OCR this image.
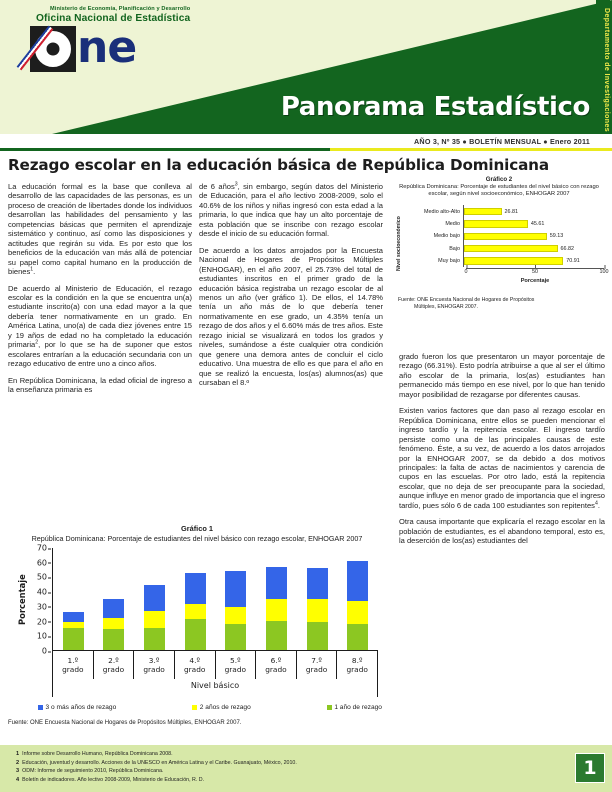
Ministerio de Economía, Planificación y Desarrollo
Oficina Nacional de Estadística
ne
Panorama Estadístico	Departamento de Investigaciones
AÑO 3, Nº 35 ● BOLETÍN MENSUAL ● Enero 2011
Rezago escolar en la educación básica de República Dominicana

La educación formal es la base que conlleva al desarrollo de las capacidades de las personas, es un proceso de creación de libertades donde los individuos desarrollan las habilidades del pensamiento y las competencias básicas que permiten el aprendizaje sistemático y continuo, así como las disposiciones y actitudes que regirán su vida. Es por esto que los beneficios de la educación van más allá de potenciar su papel como capital humano en la producción de bienes$^1$.

De acuerdo al Ministerio de Educación, el rezago escolar es la condición en la que se encuentra un(a) estudiante inscrito(a) con una edad mayor a la que debería tener normativamente en un grado. En América Latina, uno(a) de cada diez jóvenes entre 15 y 19 años de edad no ha completado la educación primaria$^2$, por lo que se ha de suponer que estos escolares entrarían a la educación secundaria con un rezago educativo de entre uno a cinco años.

En República Dominicana, la edad oficial de ingreso a la enseñanza primaria es

de 6 años$^3$, sin embargo, según datos del Ministerio de Educación, para el año lectivo 2008-2009, solo el 40.6% de los niños y niñas ingresó con esta edad a la primaria, lo que indica que hay un alto porcentaje de esta población que se inscribe con rezago escolar desde el inicio de su educación formal.

De acuerdo a los datos arrojados por la Encuesta Nacional de Hogares de Propósitos Múltiples (ENHOGAR), en el año 2007, el 25.73% del total de estudiantes inscritos en el primer grado de la educación básica registraba un rezago escolar de al menos un año (ver gráfico 1). De ellos, el 14.78% tenía un año más de lo que debería tener normativamente en ese grado, un 4.35% tenía un rezago de dos años y el 6.60% más de tres años. Este rezago inicial se visualizará en todos los grados y niveles, sumándose a éste cualquier otra condición que genere una demora antes de concluir el ciclo educativo. Una muestra de ello es que para el año en que se realizó la encuesta, los(as) alumnos(as) que cursaban el 8.º

Gráfico 2
República Dominicana: Porcentaje de estudiantes del nivel básico con rezago escolar, según nivel socioeconómico, ENHOGAR 2007
Nivel socioeconómico
Medio alto-Alto	26.81
Medio	45.61
Medio bajo	59.13
Bajo	66.82
Muy bajo	70.91
0	50	100
Porcentaje
Fuente: ONE Encuesta Nacional de Hogares de Propósitos
Múltiples, ENHOGAR 2007.

grado fueron los que presentaron un mayor porcentaje de rezago (66.31%). Esto podría atribuirse a que al ser el último año escolar de la primaria, los(as) estudiantes han permanecido más tiempo en ese nivel, por lo que han tenido mayor posibilidad de rezagarse por diferentes causas.

Existen varios factores que dan paso al rezago escolar en República Dominicana, entre ellos se pueden mencionar el ingreso tardío y la repitencia escolar. El ingreso tardío persiste como una de las principales causas de este fenómeno. Éste, a su vez, de acuerdo a los datos arrojados por la ENHOGAR 2007, se da debido a dos motivos principales: la falta de actas de nacimientos y carencia de cupos en las escuelas. Por otro lado, está la repitencia escolar, que no deja de ser preocupante para la sociedad, aunque influye en menor grado de importancia que el ingreso tardío, pues sólo 6 de cada 100 estudiantes son repitentes$^4$.

Otra causa importante que explicaría el rezago escolar en la población de estudiantes, es el abandono temporal, esto es, la deserción de los(as) estudiantes del

Gráfico 1
República Dominicana: Porcentaje de estudiantes del nivel básico con rezago escolar, ENHOGAR 2007
Porcentaje
0
10
20
30
40
50
60
70
1.º
grado
2.º
grado
3.º
grado
4.º
grado
5.º
grado
6.º
grado
7.º
grado
8.º
grado
Nivel básico
3 o más años de rezago	2 años de rezago	1 año de rezago
Fuente: ONE Encuesta Nacional de Hogares de Propósitos Múltiples, ENHOGAR 2007.
1 Informe sobre Desarrollo Humano, República Dominicana 2008.
2 Educación, juventud y desarrollo. Acciones de la UNESCO en América Latina y el Caribe. Guanajuato, México, 2010.
3 ODM: Informe de seguimiento 2010, República Dominicana.
4 Boletín de indicadores. Año lectivo 2008-2009, Ministerio de Educación, R. D.
1
